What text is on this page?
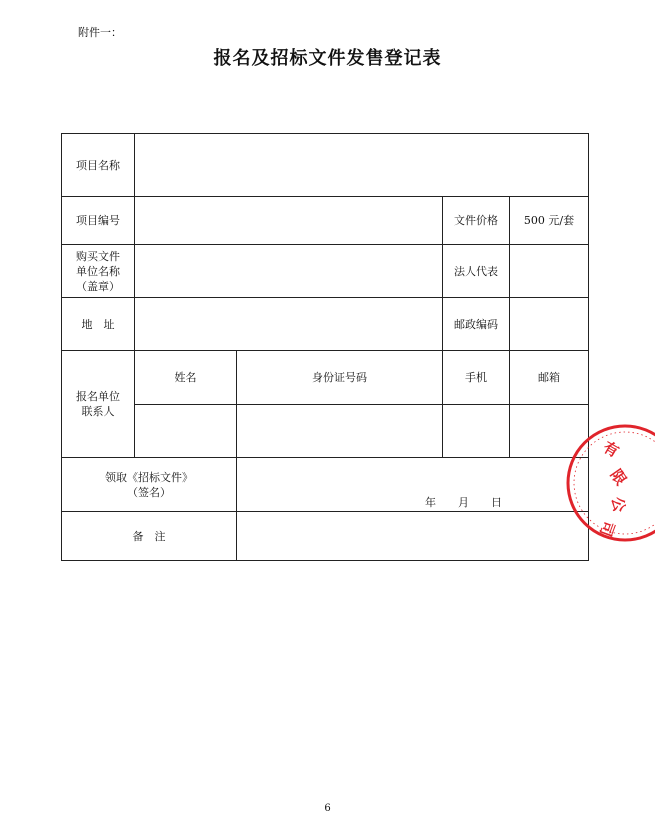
附件一：
报名及招标文件发售登记表
项目名称				
项目编号			文件价格	500 元/套

购买文件
单位名称
（盖章）			法人代表	
地　址			邮政编码	

报名单位
联系人	姓名	身份证号码	手机	邮箱

领取《招标文件》
（签名）		年 月 日		

备　注				
有
限
公
司
6
